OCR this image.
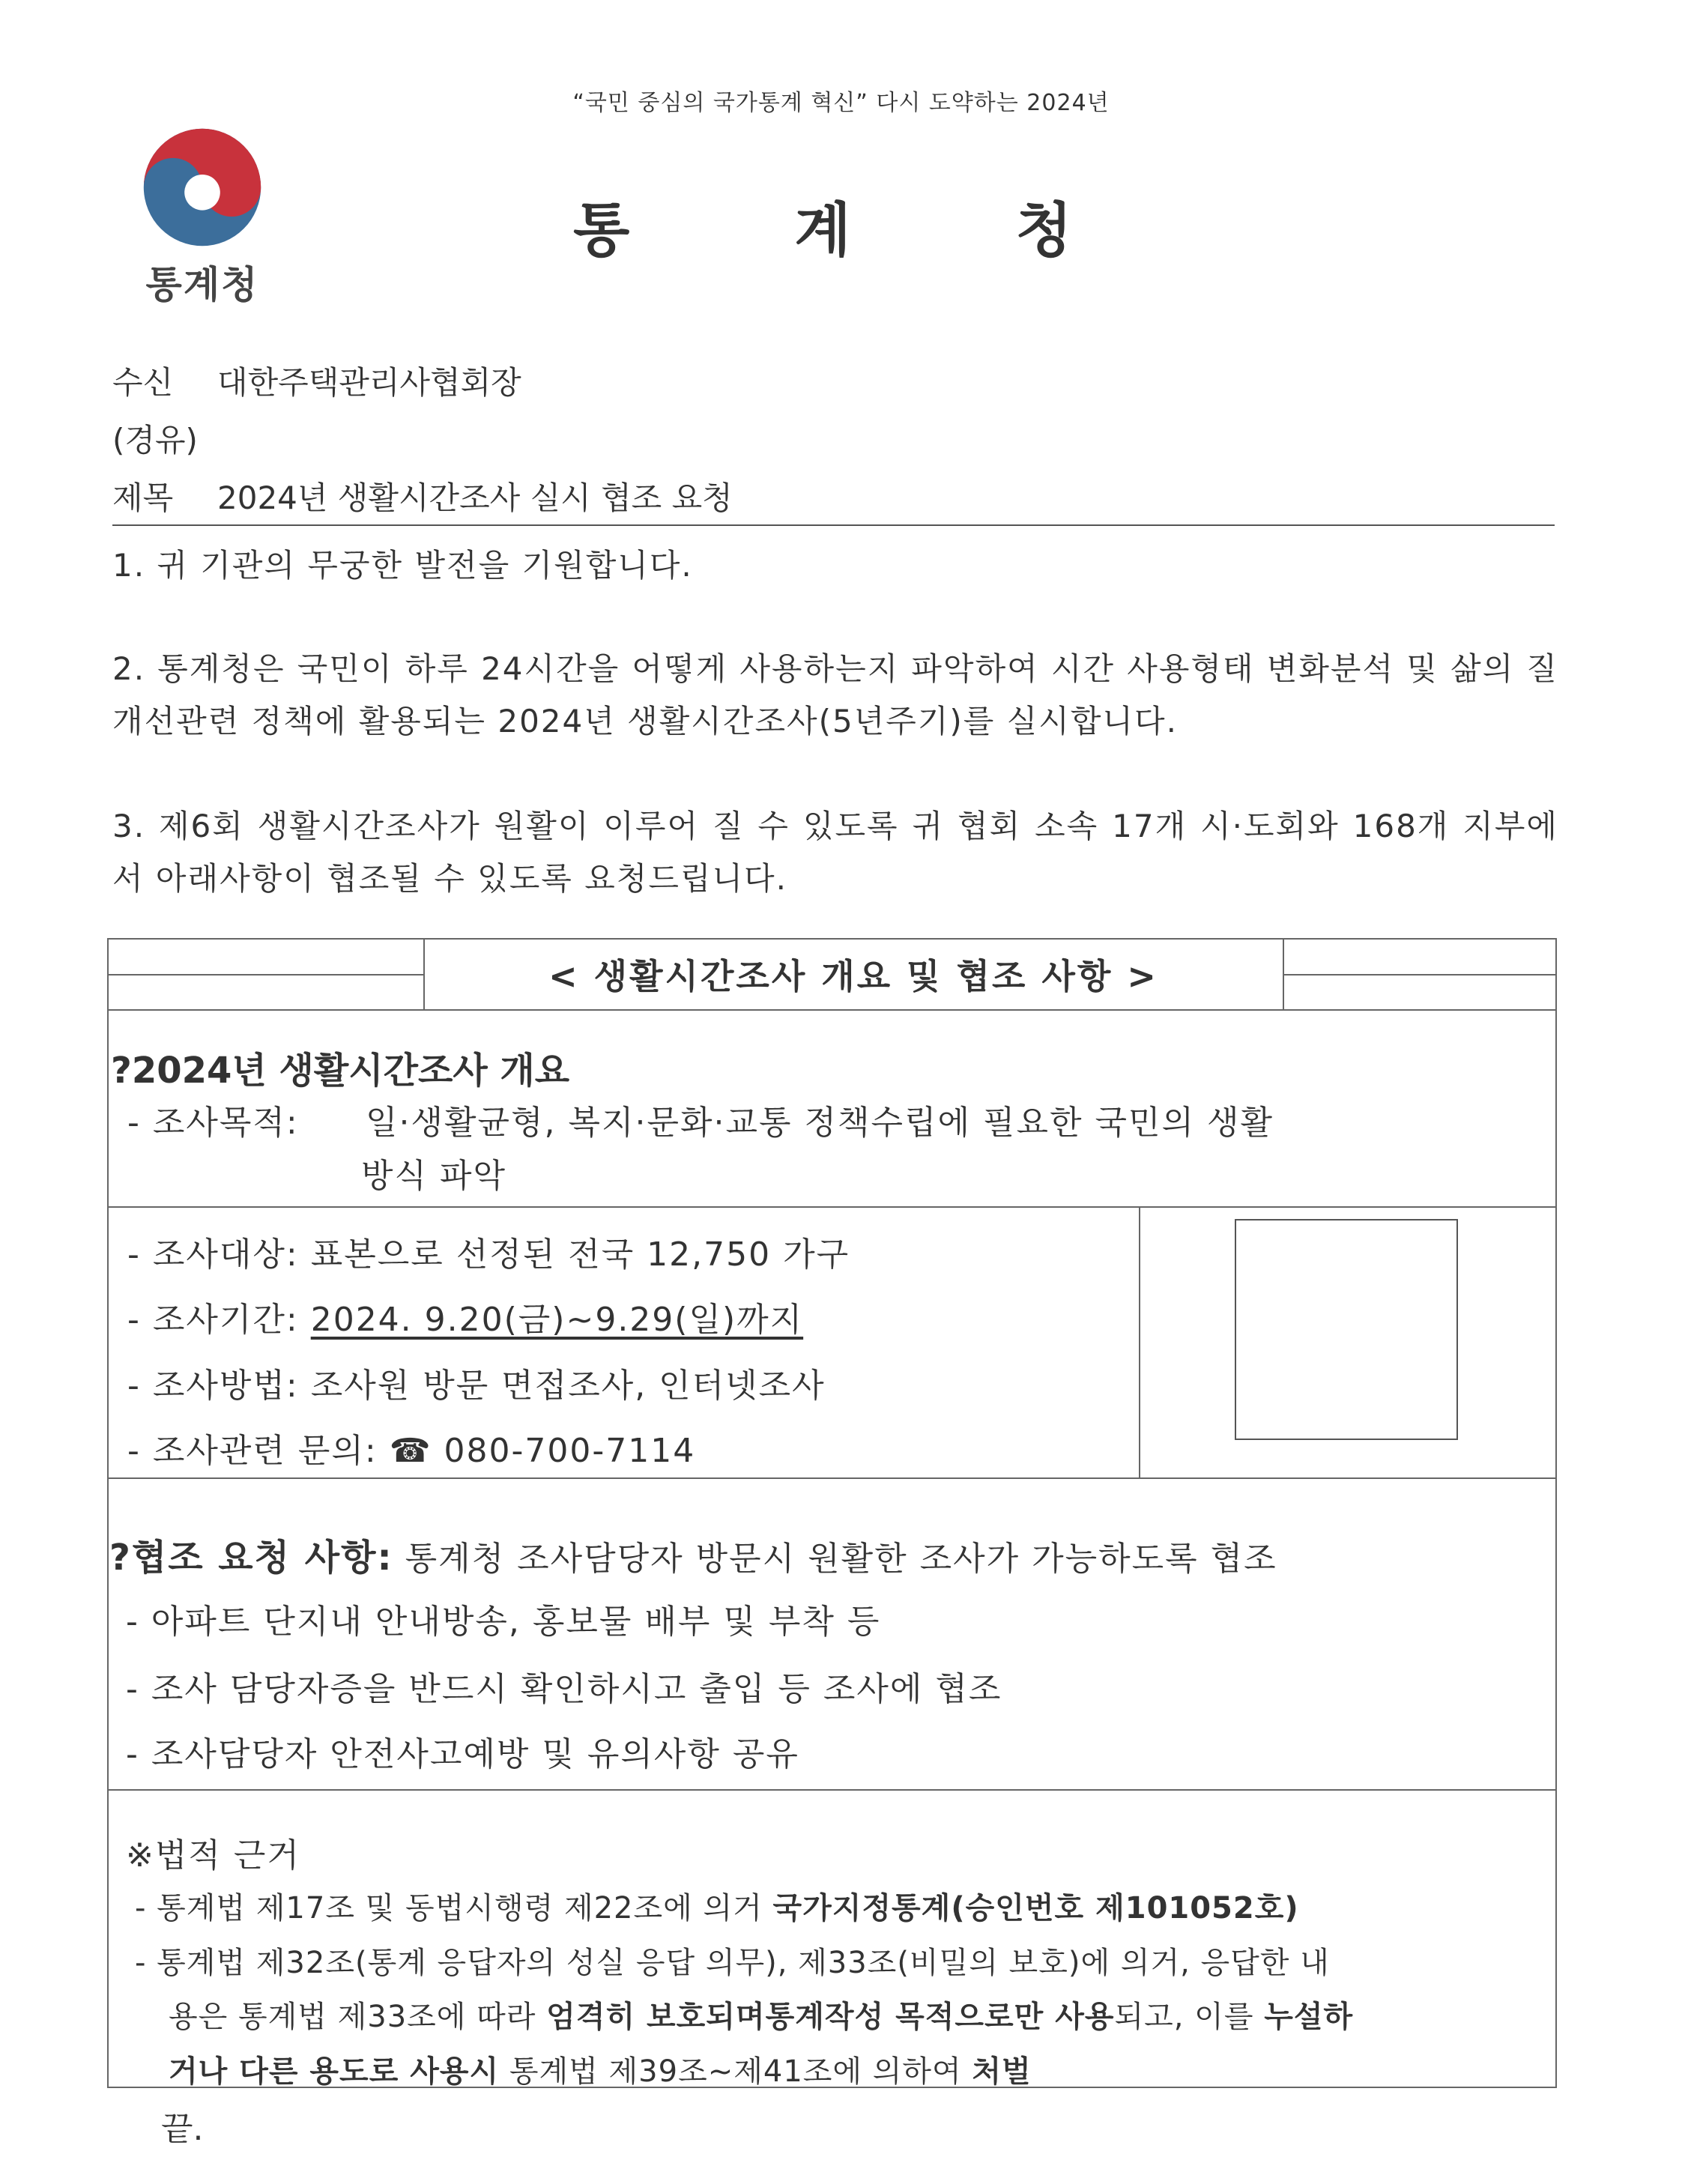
“국민 중심의 국가통계 혁신” 다시 도약하는 2024년
통계청
통계청
수신 대한주택관리사협회장
(경유)
제목 2024년 생활시간조사 실시 협조 요청
1. 귀 기관의 무궁한 발전을 기원합니다.
2. 통계청은 국민이 하루 24시간을 어떻게 사용하는지 파악하여 시간 사용형태 변화분석 및 삶의 질 개선관련 정책에 활용되는 2024년 생활시간조사(5년주기)를 실시합니다.
3. 제6회 생활시간조사가 원활이 이루어 질 수 있도록 귀 협회 소속 17개 시·도회와 168개 지부에서 아래사항이 협조될 수 있도록 요청드립니다.
< 생활시간조사 개요 및 협조 사항 >
?2024년 생활시간조사 개요
- 조사목적: 일·생활균형, 복지·문화·교통 정책수립에 필요한 국민의 생활
방식 파악
- 조사대상: 표본으로 선정된 전국 12,750 가구
- 조사기간: 2024. 9.20(금)~9.29(일)까지
- 조사방법: 조사원 방문 면접조사, 인터넷조사
- 조사관련 문의: ☎ 080-700-7114
?협조 요청 사항: 통계청 조사담당자 방문시 원활한 조사가 가능하도록 협조
- 아파트 단지내 안내방송, 홍보물 배부 및 부착 등
- 조사 담당자증을 반드시 확인하시고 출입 등 조사에 협조
- 조사담당자 안전사고예방 및 유의사항 공유
※법적 근거
- 통계법 제17조 및 동법시행령 제22조에 의거 국가지정통계(승인번호 제101052호)
- 통계법 제32조(통계 응답자의 성실 응답 의무), 제33조(비밀의 보호)에 의거, 응답한 내
용은 통계법 제33조에 따라 엄격히 보호되며통계작성 목적으로만 사용되고, 이를 누설하
거나 다른 용도로 사용시 통계법 제39조~제41조에 의하여 처벌
끝.
